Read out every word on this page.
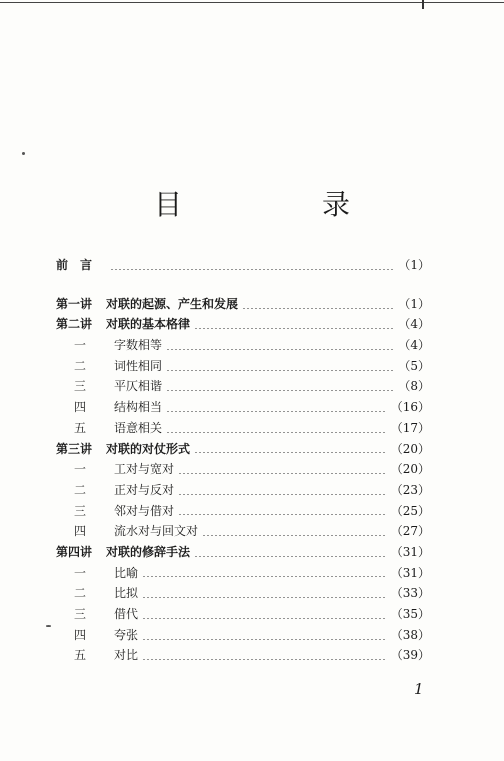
目　录
前言	（1）
第一讲	对联的起源、产生和发展	（1）
第二讲	对联的基本格律	（4）
一	字数相等	（4）
二	词性相同	（5）
三	平仄相谐	（8）
四	结构相当	（16）
五	语意相关	（17）
第三讲	对联的对仗形式	（20）
一	工对与宽对	（20）
二	正对与反对	（23）
三	邻对与借对	（25）
四	流水对与回文对	（27）
第四讲	对联的修辞手法	（31）
一	比喻	（31）
二	比拟	（33）
三	借代	（35）
四	夸张	（38）
五	对比	（39）
1
